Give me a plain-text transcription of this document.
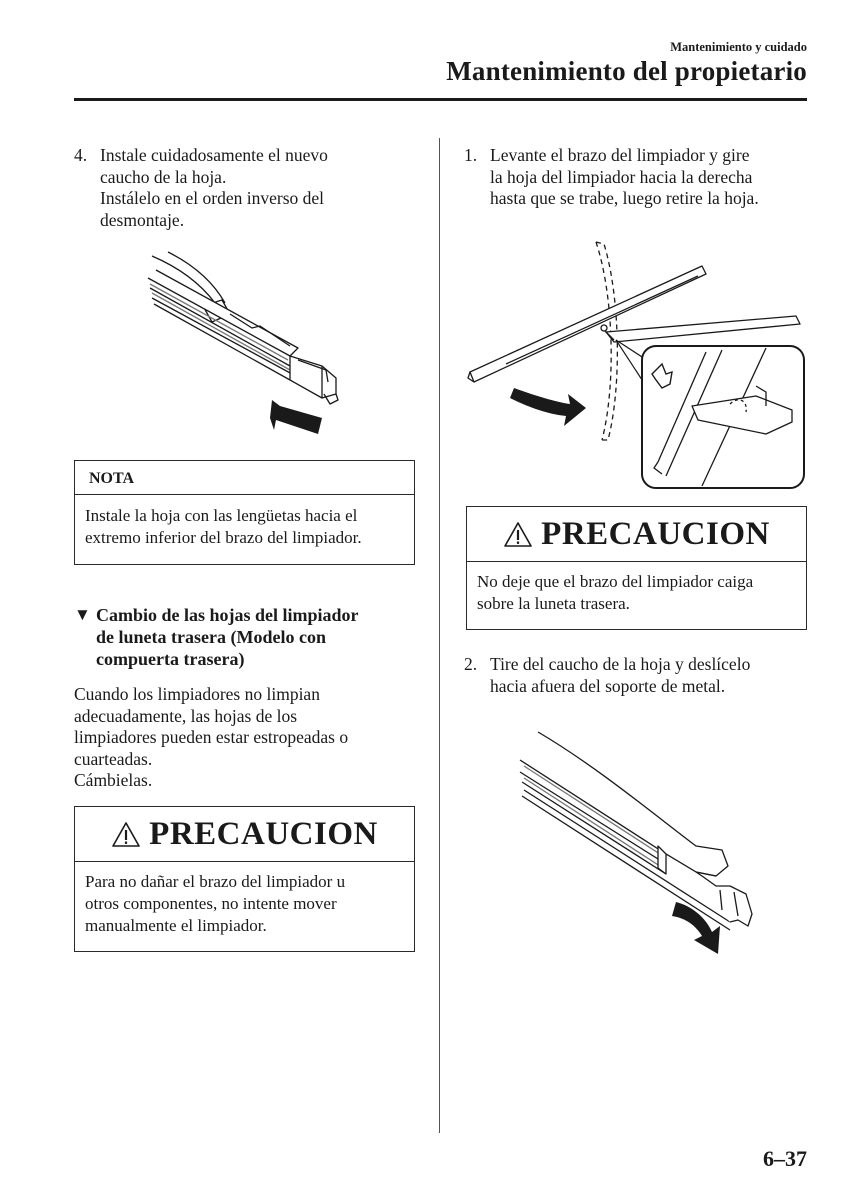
Mantenimiento y cuidado
Mantenimiento del propietario
4. Instale cuidadosamente el nuevo
caucho de la hoja.
Instálelo en el orden inverso del
desmontaje.
NOTA
Instale la hoja con las lengüetas hacia el
extremo inferior del brazo del limpiador.
▼ Cambio de las hojas del limpiador
de luneta trasera (Modelo con
compuerta trasera)
Cuando los limpiadores no limpian
adecuadamente, las hojas de los
limpiadores pueden estar estropeadas o
cuarteadas.
Cámbielas.
PRECAUCION
Para no dañar el brazo del limpiador u
otros componentes, no intente mover
manualmente el limpiador.
1. Levante el brazo del limpiador y gire
la hoja del limpiador hacia la derecha
hasta que se trabe, luego retire la hoja.
PRECAUCION
No deje que el brazo del limpiador caiga
sobre la luneta trasera.
2. Tire del caucho de la hoja y deslícelo
hacia afuera del soporte de metal.
6–37
